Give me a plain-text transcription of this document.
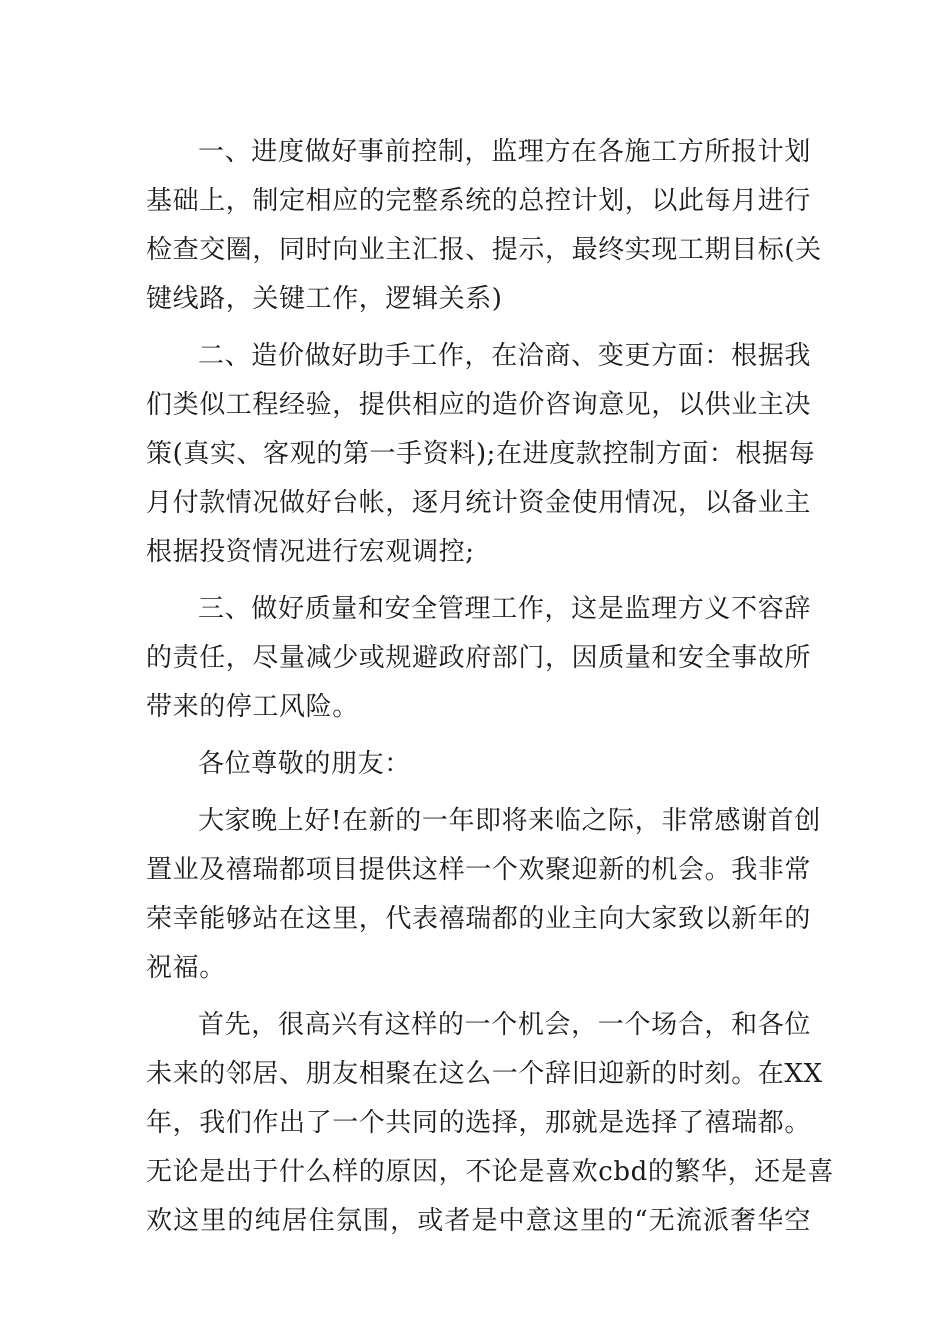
一、进度做好事前控制，监理方在各施工方所报计划
基础上，制定相应的完整系统的总控计划，以此每月进行
检查交圈，同时向业主汇报、提示，最终实现工期目标(关
键线路，关键工作，逻辑关系)
二、造价做好助手工作，在洽商、变更方面：根据我
们类似工程经验，提供相应的造价咨询意见，以供业主决
策(真实、客观的第一手资料);在进度款控制方面：根据每
月付款情况做好台帐，逐月统计资金使用情况，以备业主
根据投资情况进行宏观调控;
三、做好质量和安全管理工作，这是监理方义不容辞
的责任，尽量减少或规避政府部门，因质量和安全事故所
带来的停工风险。
各位尊敬的朋友：
大家晚上好!在新的一年即将来临之际，非常感谢首创
置业及禧瑞都项目提供这样一个欢聚迎新的机会。我非常
荣幸能够站在这里，代表禧瑞都的业主向大家致以新年的
祝福。
首先，很高兴有这样的一个机会，一个场合，和各位
未来的邻居、朋友相聚在这么一个辞旧迎新的时刻。在XX
年，我们作出了一个共同的选择，那就是选择了禧瑞都。
无论是出于什么样的原因，不论是喜欢cbd的繁华，还是喜
欢这里的纯居住氛围，或者是中意这里的“无流派奢华空
